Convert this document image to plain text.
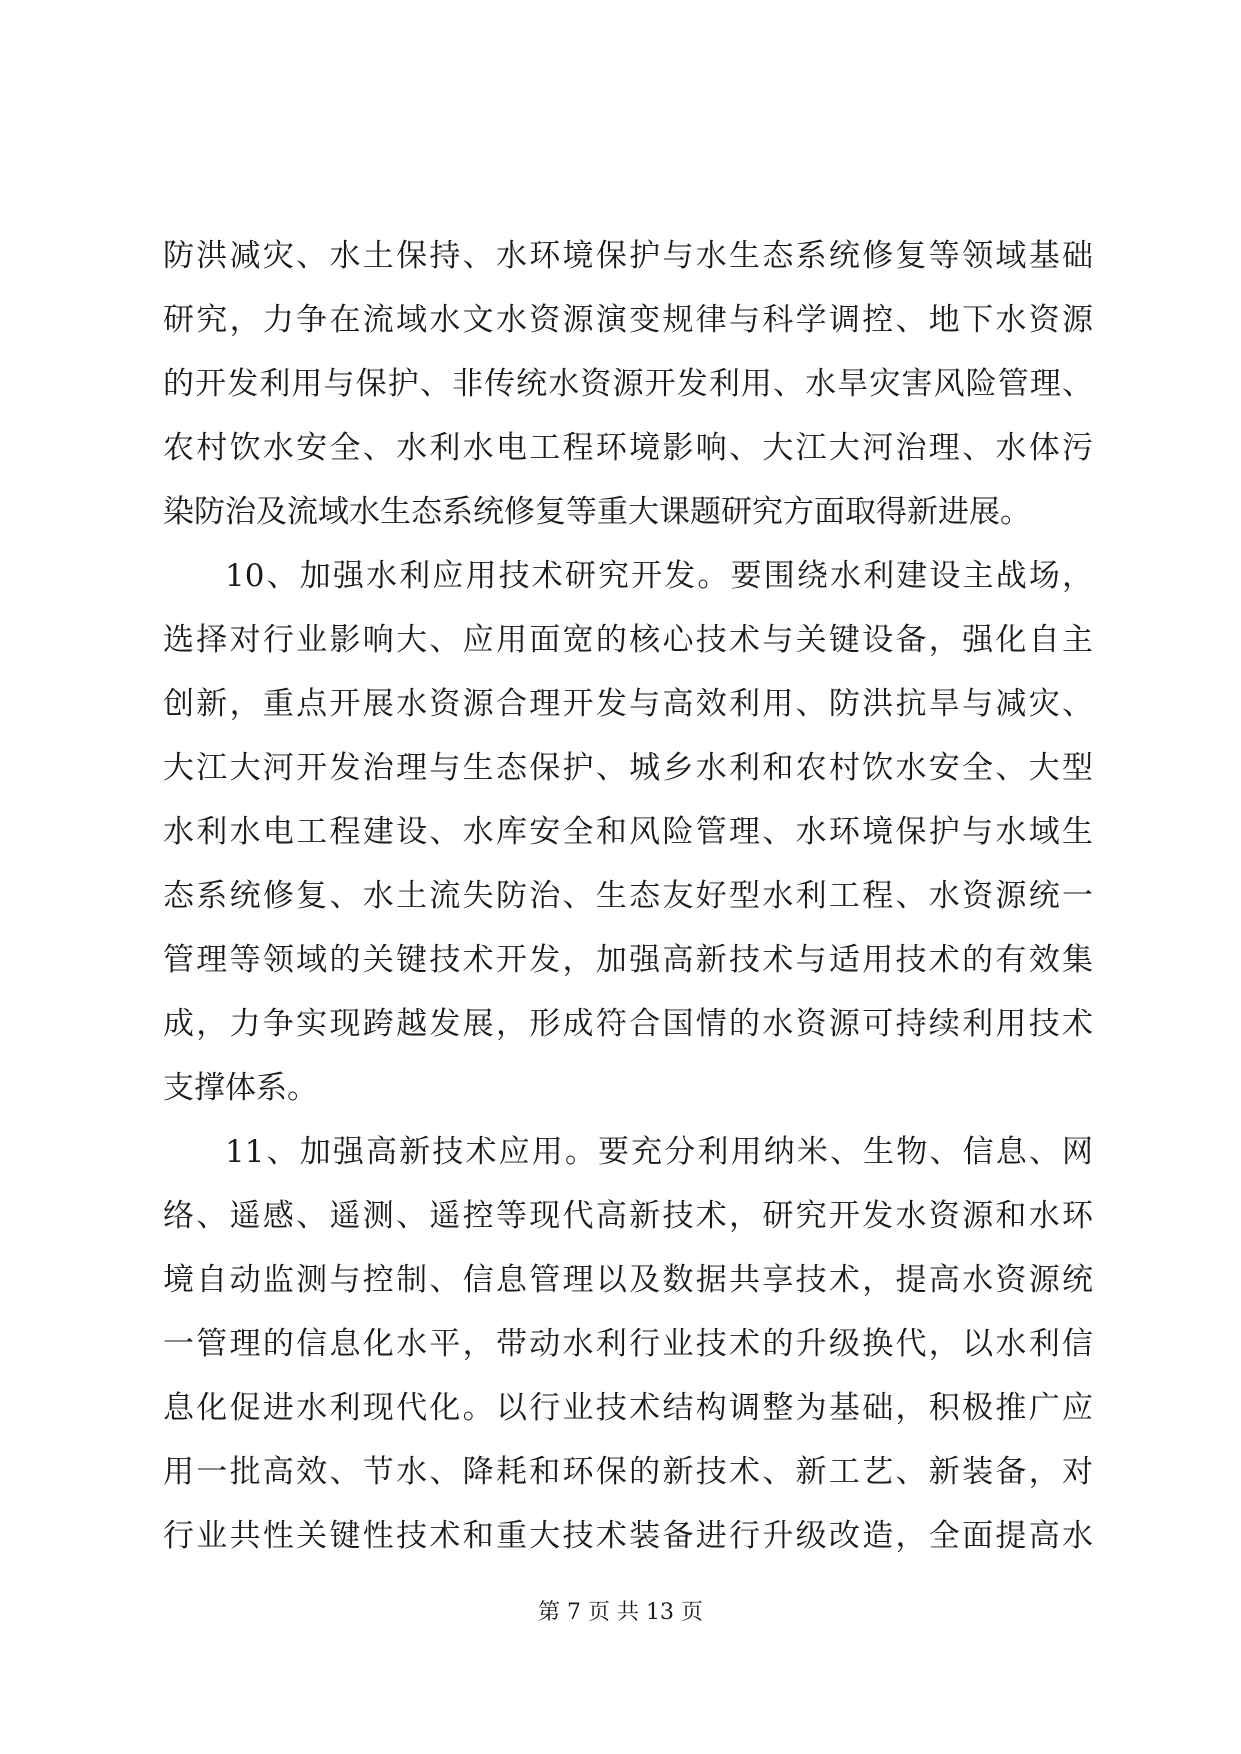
防洪减灾、水土保持、水环境保护与水生态系统修复等领域基础
研究，力争在流域水文水资源演变规律与科学调控、地下水资源
的开发利用与保护、非传统水资源开发利用、水旱灾害风险管理、
农村饮水安全、水利水电工程环境影响、大江大河治理、水体污
染防治及流域水生态系统修复等重大课题研究方面取得新进展。
10、加强水利应用技术研究开发。要围绕水利建设主战场，
选择对行业影响大、应用面宽的核心技术与关键设备，强化自主
创新，重点开展水资源合理开发与高效利用、防洪抗旱与减灾、
大江大河开发治理与生态保护、城乡水利和农村饮水安全、大型
水利水电工程建设、水库安全和风险管理、水环境保护与水域生
态系统修复、水土流失防治、生态友好型水利工程、水资源统一
管理等领域的关键技术开发，加强高新技术与适用技术的有效集
成，力争实现跨越发展，形成符合国情的水资源可持续利用技术
支撑体系。
11、加强高新技术应用。要充分利用纳米、生物、信息、网
络、遥感、遥测、遥控等现代高新技术，研究开发水资源和水环
境自动监测与控制、信息管理以及数据共享技术，提高水资源统
一管理的信息化水平，带动水利行业技术的升级换代，以水利信
息化促进水利现代化。以行业技术结构调整为基础，积极推广应
用一批高效、节水、降耗和环保的新技术、新工艺、新装备，对
行业共性关键性技术和重大技术装备进行升级改造，全面提高水
第 7 页 共 13 页
